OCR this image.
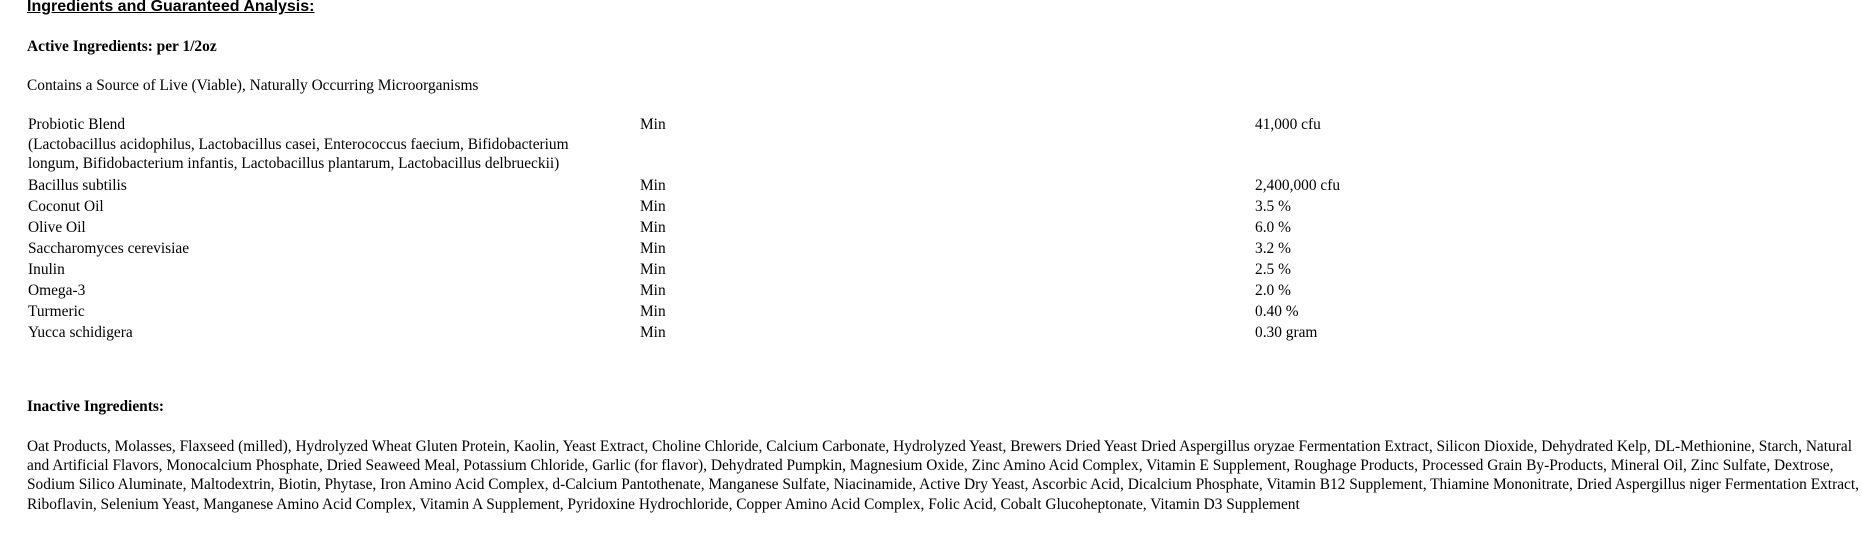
Ingredients and Guaranteed Analysis:
Active Ingredients: per 1/2oz
Contains a Source of Live (Viable), Naturally Occurring Microorganisms
Probiotic Blend	Min	41,000 cfu
(Lactobacillus acidophilus, Lactobacillus casei, Enterococcus faecium, Bifidobacterium
longum, Bifidobacterium infantis, Lactobacillus plantarum, Lactobacillus delbrueckii)
Bacillus subtilis	Min	2,400,000 cfu
Coconut Oil	Min	3.5 %
Olive Oil	Min	6.0 %
Saccharomyces cerevisiae	Min	3.2 %
Inulin	Min	2.5 %
Omega-3	Min	2.0 %
Turmeric	Min	0.40 %
Yucca schidigera	Min	0.30 gram
Inactive Ingredients:

Oat Products, Molasses, Flaxseed (milled), Hydrolyzed Wheat Gluten Protein, Kaolin, Yeast Extract, Choline Chloride, Calcium Carbonate, Hydrolyzed Yeast, Brewers Dried Yeast Dried Aspergillus oryzae Fermentation Extract, Silicon Dioxide, Dehydrated Kelp, DL-Methionine, Starch, Natural and Artificial Flavors, Monocalcium Phosphate, Dried Seaweed Meal, Potassium Chloride, Garlic (for flavor), Dehydrated Pumpkin, Magnesium Oxide, Zinc Amino Acid Complex, Vitamin E Supplement, Roughage Products, Processed Grain By-Products, Mineral Oil, Zinc Sulfate, Dextrose, Sodium Silico Aluminate, Maltodextrin, Biotin, Phytase, Iron Amino Acid Complex, d-Calcium Pantothenate, Manganese Sulfate, Niacinamide, Active Dry Yeast, Ascorbic Acid, Dicalcium Phosphate, Vitamin B12 Supplement, Thiamine Mononitrate, Dried Aspergillus niger Fermentation Extract, Riboflavin, Selenium Yeast, Manganese Amino Acid Complex, Vitamin A Supplement, Pyridoxine Hydrochloride, Copper Amino Acid Complex, Folic Acid, Cobalt Glucoheptonate, Vitamin D3 Supplement
